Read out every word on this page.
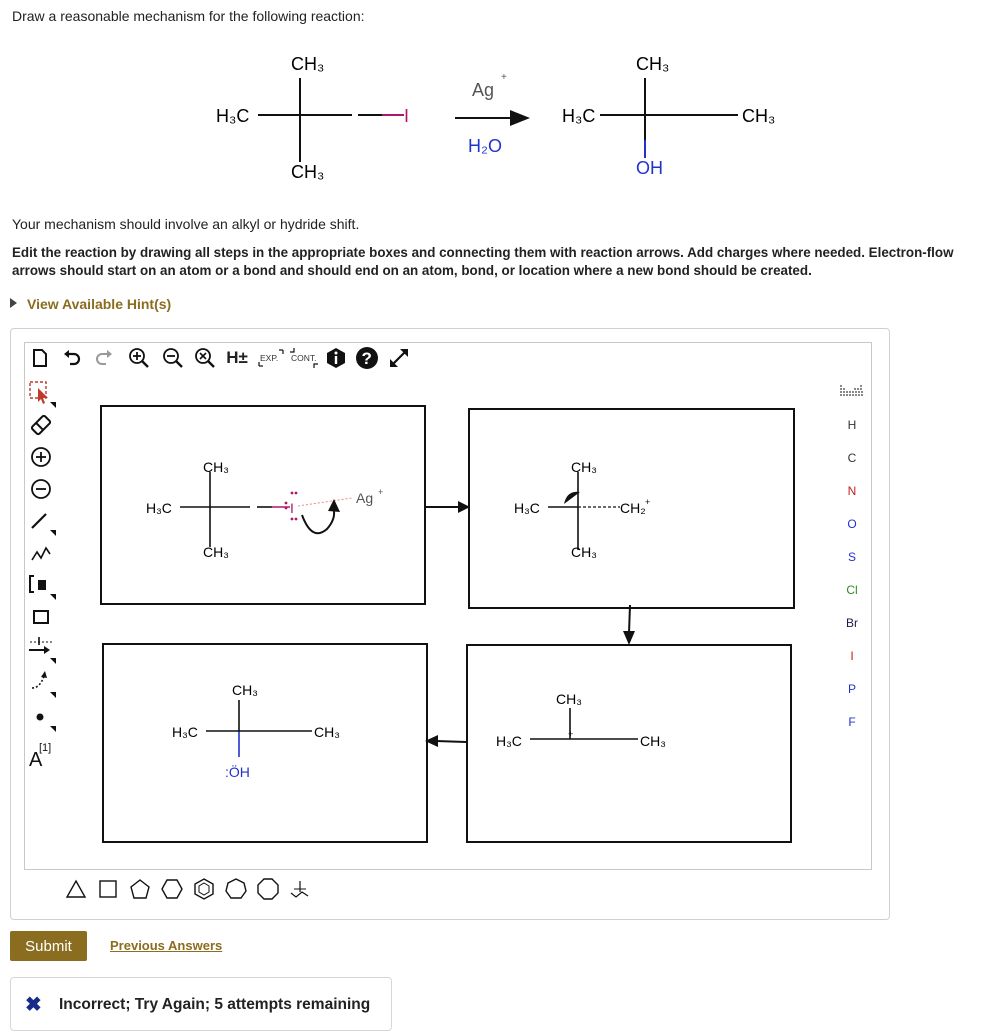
Draw a reasonable mechanism for the following reaction:
H₃C
CH₃
CH₃
I
Ag
+
H₂O
H₃C
CH₃
CH₃
OH
Your mechanism should involve an alkyl or hydride shift.
Edit the reaction by drawing all steps in the appropriate boxes and connecting them with reaction arrows. Add charges where needed. Electron-flow arrows should start on an atom or a bond and should end on an atom, bond, or location where a new bond should be created.
View Available Hint(s)
H± EXP. CONT.	?
A
[1]
H
C
N
O
S
Cl
Br
I
P
F
H₃C
CH₃
CH₃
I
Ag +
H₃C
CH₃
CH₃
CH₂ +
H₃C
CH₃
CH₃
+
H₃C
CH₃
CH₃
:ÖH
Submit	Previous Answers
✖ Incorrect; Try Again; 5 attempts remaining
